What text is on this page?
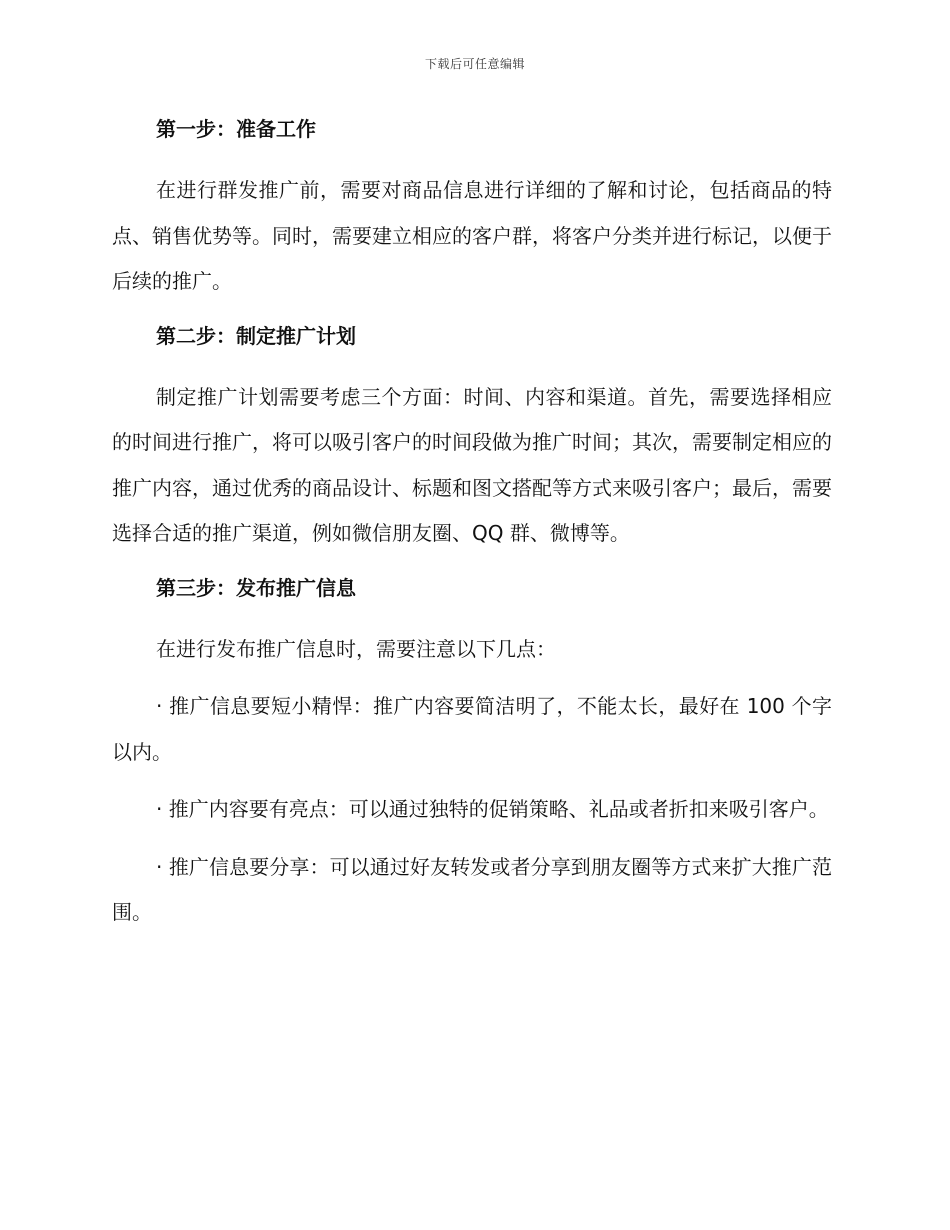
下载后可任意编辑
第一步：准备工作

在进行群发推广前，需要对商品信息进行详细的了解和讨论，包括商品的特点、销售优势等。同时，需要建立相应的客户群，将客户分类并进行标记，以便于后续的推广。

第二步：制定推广计划

制定推广计划需要考虑三个方面：时间、内容和渠道。首先，需要选择相应的时间进行推广，将可以吸引客户的时间段做为推广时间；其次，需要制定相应的推广内容，通过优秀的商品设计、标题和图文搭配等方式来吸引客户；最后，需要选择合适的推广渠道，例如微信朋友圈、QQ 群、微博等。

第三步：发布推广信息

在进行发布推广信息时，需要注意以下几点：

· 推广信息要短小精悍：推广内容要简洁明了，不能太长，最好在 100 个字以内。

· 推广内容要有亮点：可以通过独特的促销策略、礼品或者折扣来吸引客户。

· 推广信息要分享：可以通过好友转发或者分享到朋友圈等方式来扩大推广范围。
